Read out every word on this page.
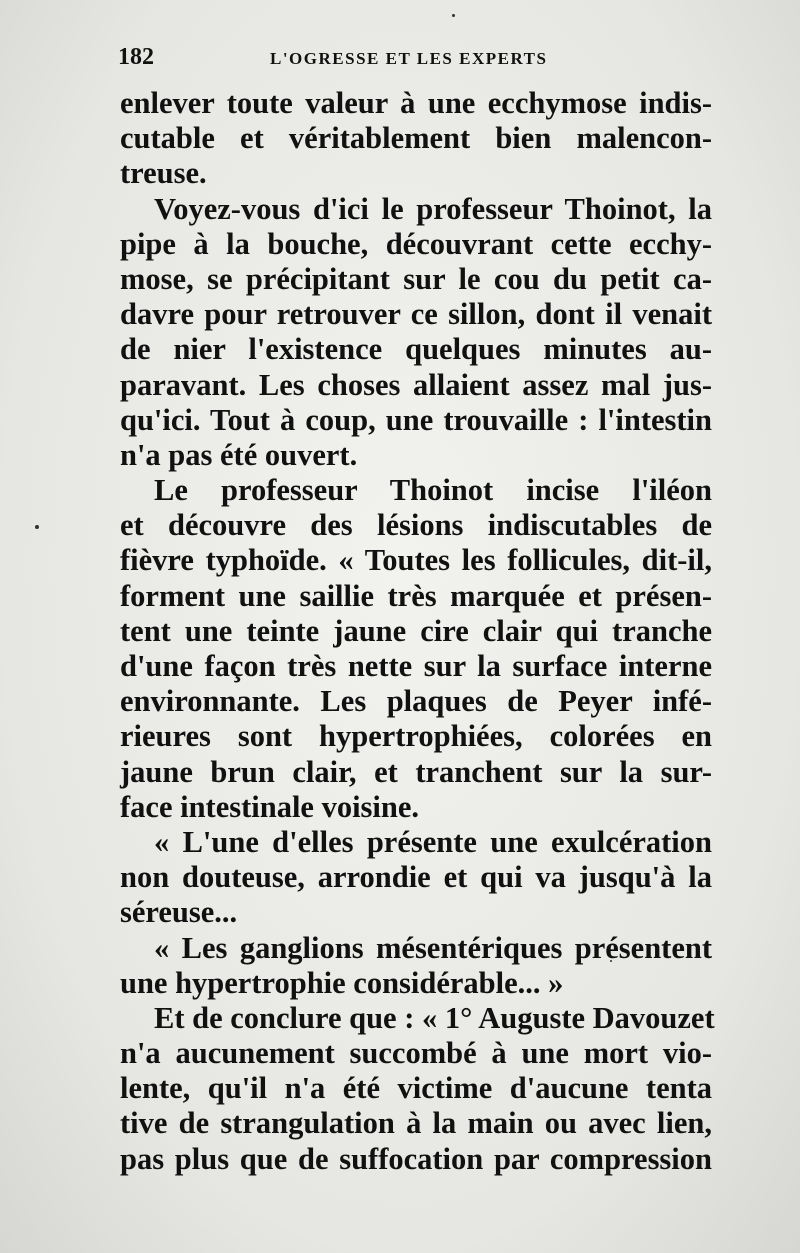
182	L'OGRESSE ET LES EXPERTS
enlever toute valeur à une ecchymose indis-
cutable et véritablement bien malencon-
treuse.
Voyez-vous d'ici le professeur Thoinot, la
pipe à la bouche, découvrant cette ecchy-
mose, se précipitant sur le cou du petit ca-
davre pour retrouver ce sillon, dont il venait
de nier l'existence quelques minutes au-
paravant. Les choses allaient assez mal jus-
qu'ici. Tout à coup, une trouvaille : l'intestin
n'a pas été ouvert.
Le professeur Thoinot incise l'iléon
et découvre des lésions indiscutables de
fièvre typhoïde. « Toutes les follicules, dit-il,
forment une saillie très marquée et présen-
tent une teinte jaune cire clair qui tranche
d'une façon très nette sur la surface interne
environnante. Les plaques de Peyer infé-
rieures sont hypertrophiées, colorées en
jaune brun clair, et tranchent sur la sur-
face intestinale voisine.
« L'une d'elles présente une exulcération
non douteuse, arrondie et qui va jusqu'à la
séreuse...
« Les ganglions mésentériques présentent
une hypertrophie considérable... »
Et de conclure que : « 1° Auguste Davouzet
n'a aucunement succombé à une mort vio-
lente, qu'il n'a été victime d'aucune tenta
tive de strangulation à la main ou avec lien,
pas plus que de suffocation par compression
